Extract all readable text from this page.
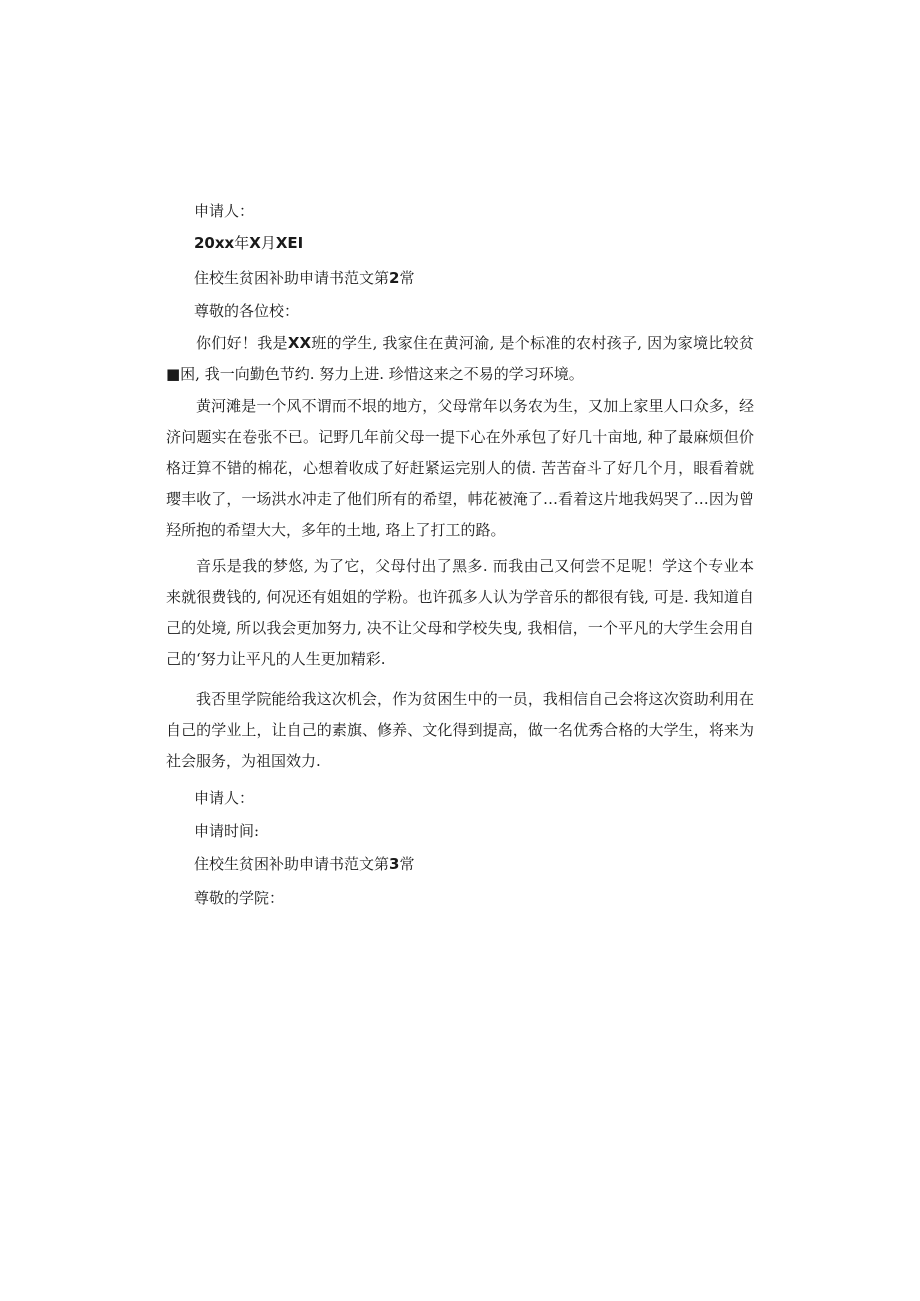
申请人：
20xx年X月XEI
住校生贫困补助申请书范文第2常
尊敬的各位校：
你们好！我是XX班的学生, 我家住在黄河渝, 是个标准的农村孩子, 因为家境比较贫■困, 我一向勤色节约. 努力上进. 珍惜这来之不易的学习环境。
黄河滩是一个风不谓而不垠的地方，父母常年以务农为生，又加上家里人口众多，经济问题实在卷张不已。记野几年前父母一提下心在外承包了好几十亩地, 种了最麻烦但价格迂算不错的棉花，心想着收成了好赶紧运完别人的债. 苦苦奋斗了好几个月，眼看着就璎丰收了，一场洪水冲走了他们所有的希望，帏花被淹了…看着这片地我妈哭了…因为曾羟所抱的希望大大，多年的土地, 珞上了打工的路。
音乐是我的梦悠, 为了它，父母付出了黑多. 而我由己又何尝不足呢！学这个专业本来就很费钱的, 何况还有姐姐的学粉。也许孤多人认为学音乐的都很有钱, 可是. 我知道自己的处境, 所以我会更加努力, 决不让父母和学校失曳, 我相信，一个平凡的大学生会用自己的‘努力让平凡的人生更加精彩.
我否里学院能给我这次机会，作为贫困生中的一员，我相信自己会将这次资助利用在自己的学业上，让自己的素旗、修养、文化得到提高，做一名优秀合格的大学生，将来为社会服务，为祖国效力.
申请人：
申请时间:
住校生贫困补助申请书范文第3常
尊敬的学院：
